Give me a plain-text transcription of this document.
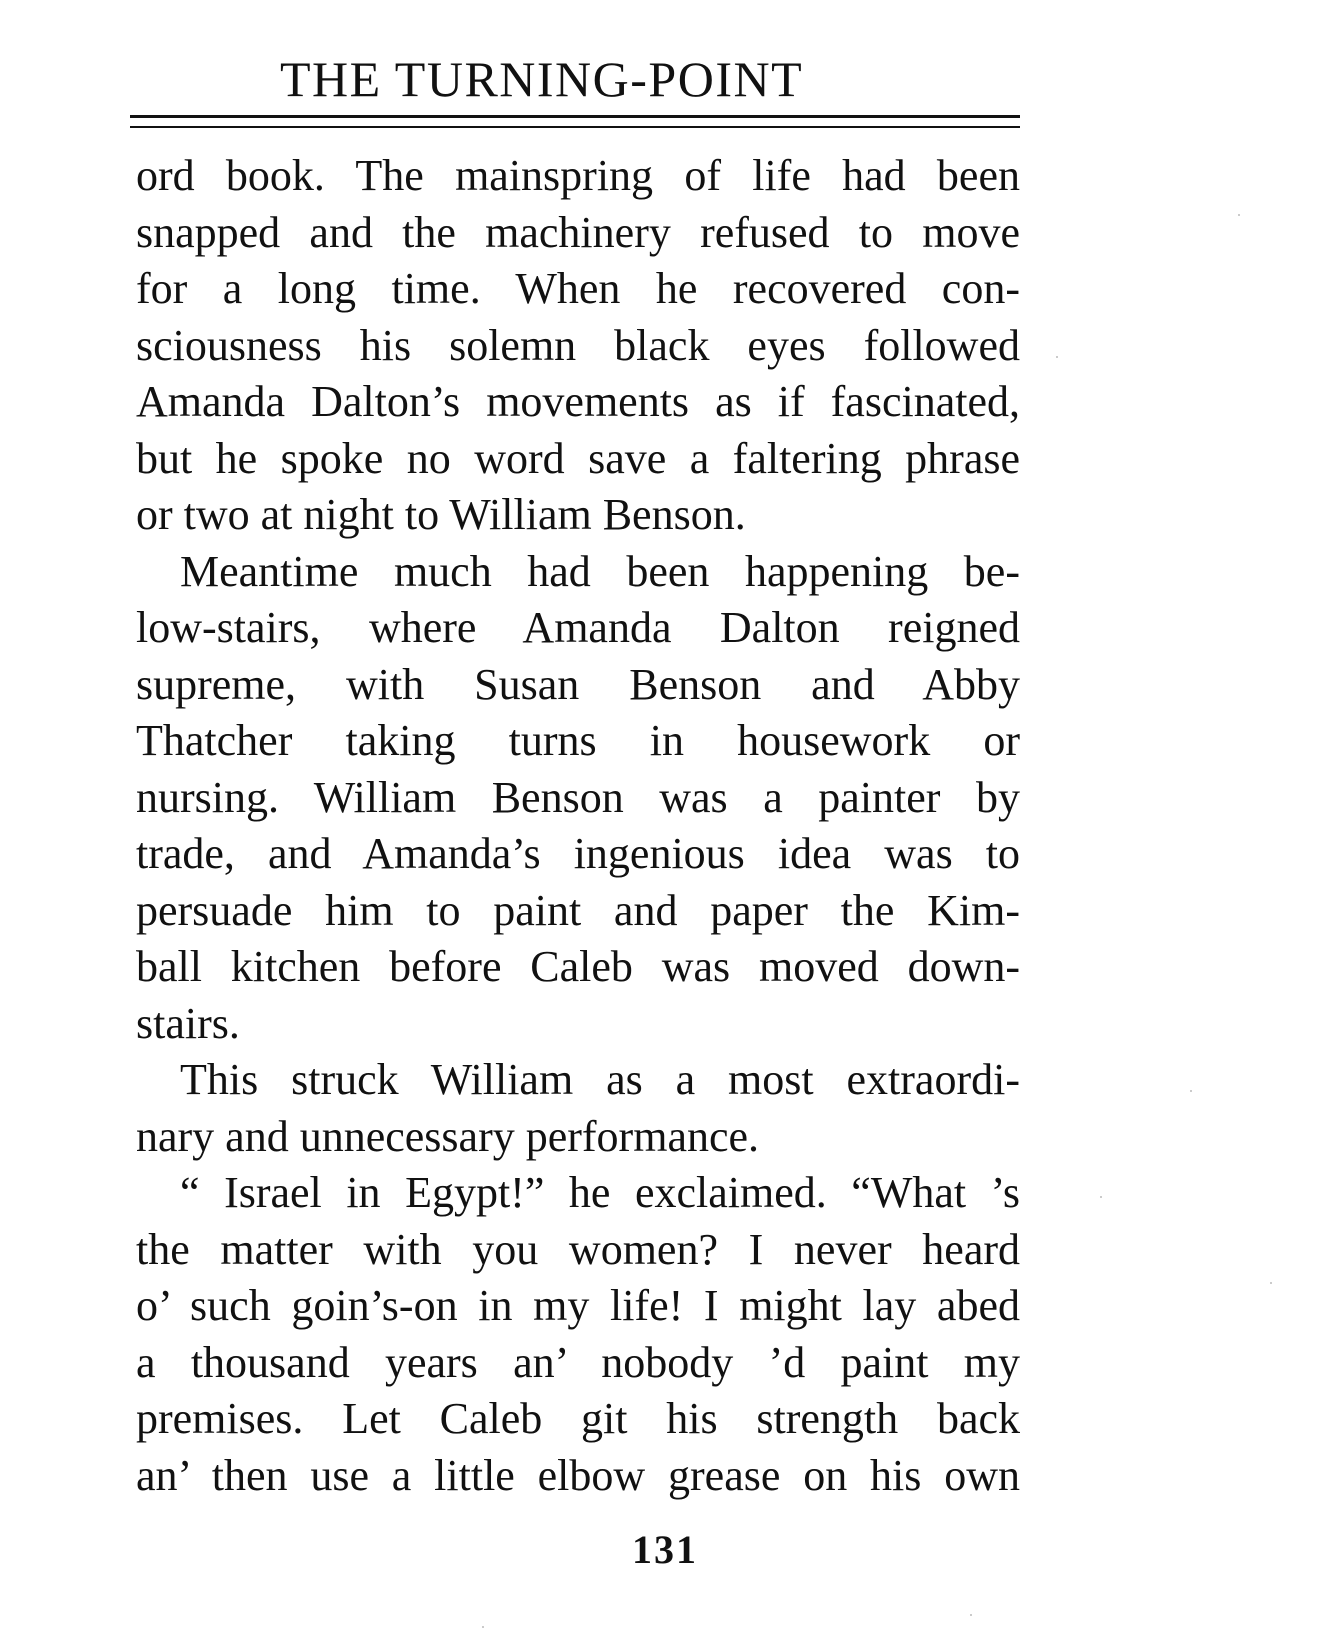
THE TURNING-POINT
ord book. The mainspring of life had been
snapped and the machinery refused to move
for a long time. When he recovered con-
sciousness his solemn black eyes followed
Amanda Dalton’s movements as if fascinated,
but he spoke no word save a faltering phrase
or two at night to William Benson.
Meantime much had been happening be-
low-stairs, where Amanda Dalton reigned
supreme, with Susan Benson and Abby
Thatcher taking turns in housework or
nursing. William Benson was a painter by
trade, and Amanda’s ingenious idea was to
persuade him to paint and paper the Kim-
ball kitchen before Caleb was moved down-
stairs.
This struck William as a most extraordi-
nary and unnecessary performance.
“ Israel in Egypt!” he exclaimed. “What ’s
the matter with you women? I never heard
o’ such goin’s-on in my life! I might lay abed
a thousand years an’ nobody ’d paint my
premises. Let Caleb git his strength back
an’ then use a little elbow grease on his own
131
